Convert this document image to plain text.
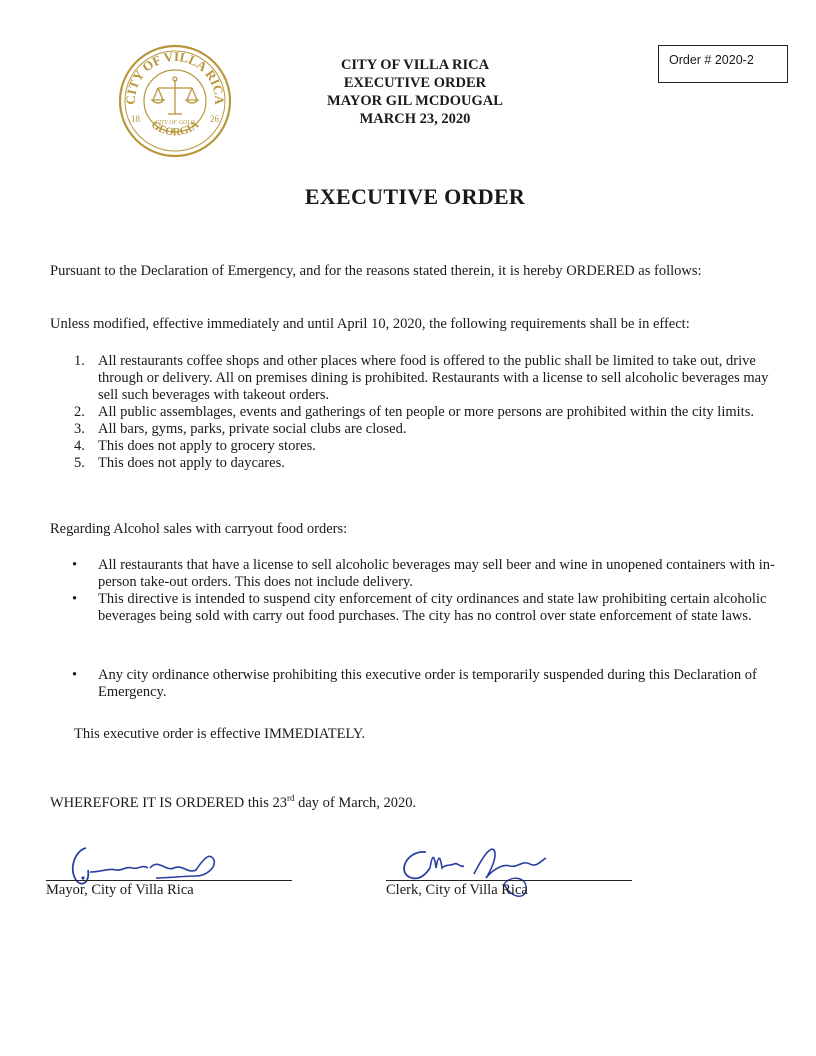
CITY OF VILLA RICA
GEORGIA
18	26
CITY OF GOLD
CITY OF VILLA RICA
EXECUTIVE ORDER
MAYOR GIL MCDOUGAL
MARCH 23, 2020
Order # 2020-2
EXECUTIVE ORDER
Pursuant to the Declaration of Emergency, and for the reasons stated therein, it is hereby ORDERED as follows:
Unless modified, effective immediately and until April 10, 2020, the following requirements shall be in effect:
1. All restaurants coffee shops and other places where food is offered to the public shall be limited to take out, drive through or delivery. All on premises dining is prohibited. Restaurants with a license to sell alcoholic beverages may sell such beverages with takeout orders.
2. All public assemblages, events and gatherings of ten people or more persons are prohibited within the city limits.
3. All bars, gyms, parks, private social clubs are closed.
4. This does not apply to grocery stores.
5. This does not apply to daycares.
Regarding Alcohol sales with carryout food orders:
• All restaurants that have a license to sell alcoholic beverages may sell beer and wine in unopened containers with in-person take-out orders. This does not include delivery.
• This directive is intended to suspend city enforcement of city ordinances and state law prohibiting certain alcoholic beverages being sold with carry out food purchases. The city has no control over state enforcement of state laws.
• Any city ordinance otherwise prohibiting this executive order is temporarily suspended during this Declaration of Emergency.
This executive order is effective IMMEDIATELY.
WHEREFORE IT IS ORDERED this 23rd day of March, 2020.
Mayor, City of Villa Rica	Clerk, City of Villa Rica
